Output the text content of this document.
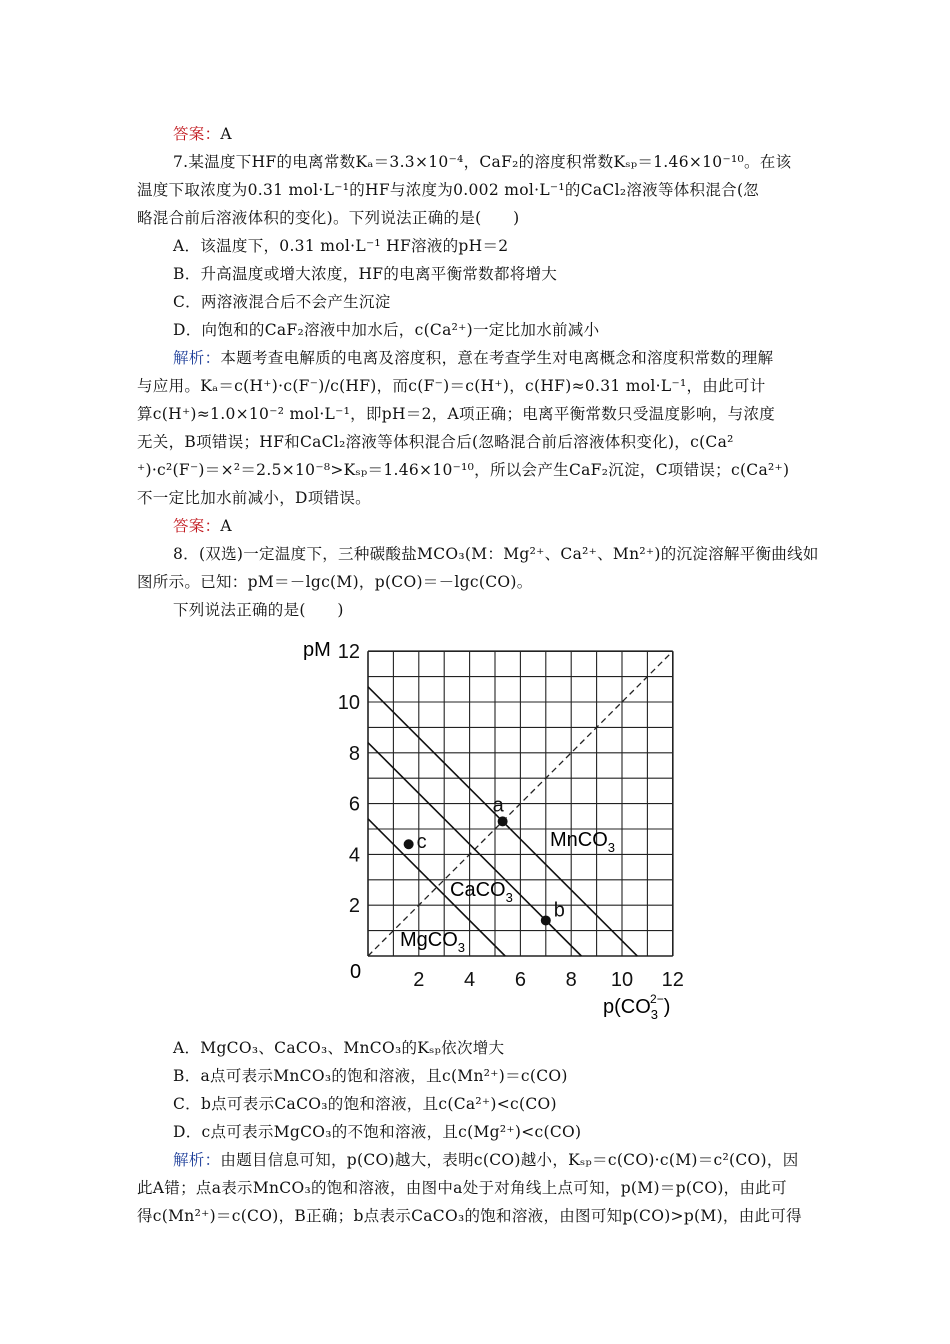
答案：A
7.某温度下HF的电离常数Kₐ＝3.3×10⁻⁴，CaF₂的溶度积常数Kₛₚ＝1.46×10⁻¹⁰。在该
温度下取浓度为0.31 mol·L⁻¹的HF与浓度为0.002 mol·L⁻¹的CaCl₂溶液等体积混合(忽
略混合前后溶液体积的变化)。下列说法正确的是(　　)
A．该温度下，0.31 mol·L⁻¹ HF溶液的pH＝2
B．升高温度或增大浓度，HF的电离平衡常数都将增大
C．两溶液混合后不会产生沉淀
D．向饱和的CaF₂溶液中加水后，c(Ca²⁺)一定比加水前减小
解析：本题考查电解质的电离及溶度积，意在考查学生对电离概念和溶度积常数的理解
与应用。Kₐ＝c(H⁺)·c(F⁻)/c(HF)，而c(F⁻)＝c(H⁺)，c(HF)≈0.31 mol·L⁻¹，由此可计
算c(H⁺)≈1.0×10⁻² mol·L⁻¹，即pH＝2，A项正确；电离平衡常数只受温度影响，与浓度
无关，B项错误；HF和CaCl₂溶液等体积混合后(忽略混合前后溶液体积变化)，c(Ca²
⁺)·c²(F⁻)＝×²＝2.5×10⁻⁸>Kₛₚ＝1.46×10⁻¹⁰，所以会产生CaF₂沉淀，C项错误；c(Ca²⁺)
不一定比加水前减小，D项错误。
答案：A
8．(双选)一定温度下，三种碳酸盐MCO₃(M：Mg²⁺、Ca²⁺、Mn²⁺)的沉淀溶解平衡曲线如
图所示。已知：pM＝－lgc(M)，p(CO)＝－lgc(CO)。
下列说法正确的是(　　)
A．MgCO₃、CaCO₃、MnCO₃的Kₛₚ依次增大
B．a点可表示MnCO₃的饱和溶液，且c(Mn²⁺)＝c(CO)
C．b点可表示CaCO₃的饱和溶液，且c(Ca²⁺)<c(CO)
D．c点可表示MgCO₃的不饱和溶液，且c(Mg²⁺)<c(CO)
解析：由题目信息可知，p(CO)越大，表明c(CO)越小，Kₛₚ＝c(CO)·c(M)＝c²(CO)，因
此A错；点a表示MnCO₃的饱和溶液，由图中a处于对角线上点可知，p(M)＝p(CO)，由此可
得c(Mn²⁺)＝c(CO)，B正确；b点表示CaCO₃的饱和溶液，由图可知p(CO)>p(M)，由此可得
a
b
c
2 4 6 8 10 12
2
4
6
8
10
12
pM
0
$p(CO_32-)$
MnCO$_3$
CaCO$_3$
MgCO$_3$
